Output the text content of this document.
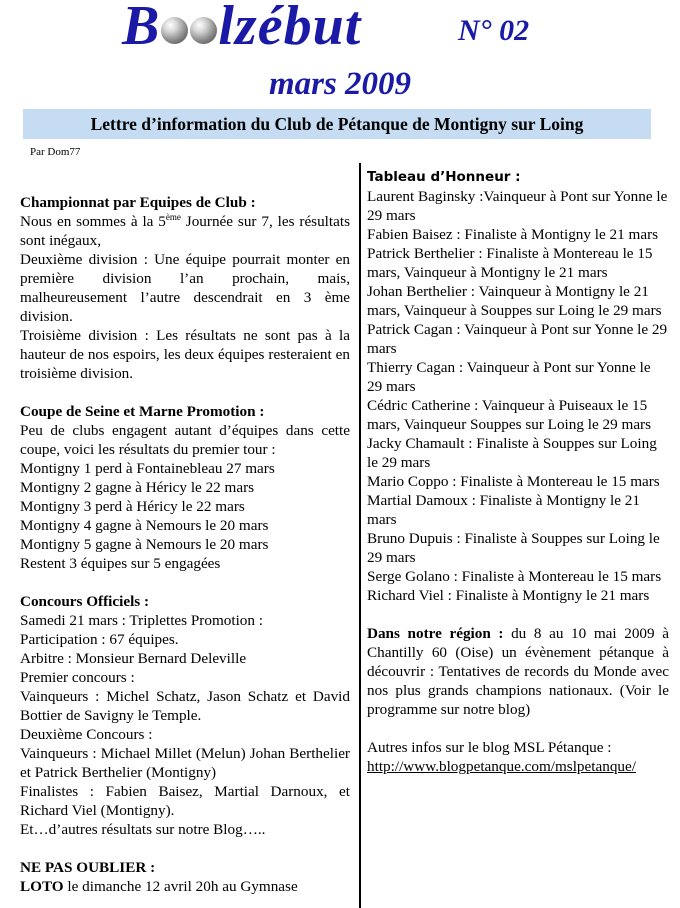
B lzébut	N° 02
mars 2009
Lettre d’information du Club de Pétanque de Montigny sur Loing
Par Dom77

Championnat par Equipes de Club :

Nous en sommes à la 5ème Journée sur 7, les résultats sont inégaux,

Deuxième division : Une équipe pourrait monter en première division l’an prochain, mais, malheureusement l’autre descendrait en 3 ème division.

Troisième division : Les résultats ne sont pas à la hauteur de nos espoirs, les deux équipes resteraient en troisième division.

Coupe de Seine et Marne Promotion :

Peu de clubs engagent autant d’équipes dans cette coupe, voici les résultats du premier tour :

Montigny 1 perd à Fontainebleau 27 mars

Montigny 2 gagne à Héricy le 22 mars

Montigny 3 perd à Héricy le 22 mars

Montigny 4 gagne à Nemours le 20 mars

Montigny 5 gagne à Nemours le 20 mars

Restent 3 équipes sur 5 engagées

Concours Officiels :

Samedi 21 mars : Triplettes Promotion :

Participation : 67 équipes.

Arbitre : Monsieur Bernard Deleville

Premier concours :

Vainqueurs : Michel Schatz, Jason Schatz et David Bottier de Savigny le Temple.

Deuxième Concours :

Vainqueurs : Michael Millet (Melun) Johan Berthelier et Patrick Berthelier (Montigny)

Finalistes : Fabien Baisez, Martial Darnoux, et Richard Viel (Montigny).

Et…d’autres résultats sur notre Blog…..

NE PAS OUBLIER :

LOTO le dimanche 12 avril 20h au Gymnase

Tableau d’Honneur :

Laurent Baginsky :Vainqueur à Pont sur Yonne le 29 mars

Fabien Baisez : Finaliste à Montigny le 21 mars

Patrick Berthelier : Finaliste à Montereau le 15 mars, Vainqueur à Montigny le 21 mars

Johan Berthelier : Vainqueur à Montigny le 21 mars, Vainqueur à Souppes sur Loing le 29 mars

Patrick Cagan : Vainqueur à Pont sur Yonne le 29 mars

Thierry Cagan : Vainqueur à Pont sur Yonne le 29 mars

Cédric Catherine : Vainqueur à Puiseaux le 15 mars, Vainqueur Souppes sur Loing le 29 mars

Jacky Chamault : Finaliste à Souppes sur Loing le 29 mars

Mario Coppo : Finaliste à Montereau le 15 mars

Martial Damoux : Finaliste à Montigny le 21 mars

Bruno Dupuis : Finaliste à Souppes sur Loing le 29 mars

Serge Golano : Finaliste à Montereau le 15 mars

Richard Viel : Finaliste à Montigny le 21 mars

Dans notre région : du 8 au 10 mai 2009 à Chantilly 60 (Oise) un évènement pétanque à découvrir : Tentatives de records du Monde avec nos plus grands champions nationaux. (Voir le programme sur notre blog)

Autres infos sur le blog MSL Pétanque :

http://www.blogpetanque.com/mslpetanque/
